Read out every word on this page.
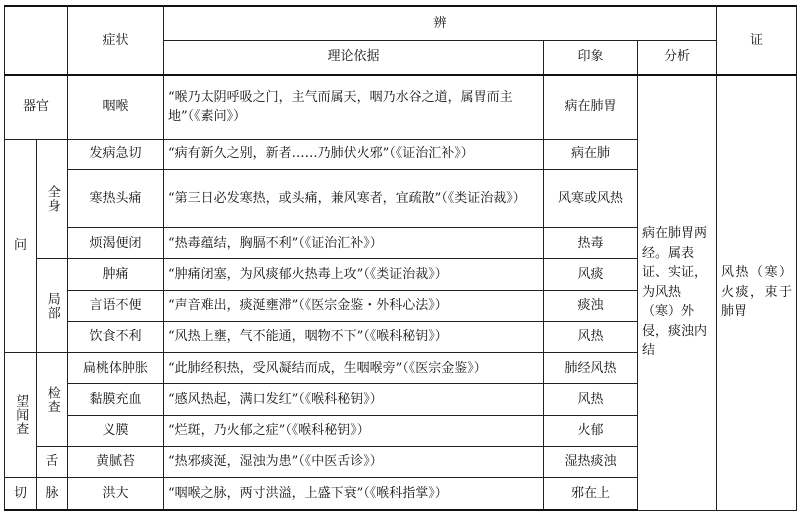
		症状	辨			证
			理论依据	印象	分析	
器官		咽喉	“喉乃太阴呼吸之门，主气而属天，咽乃水谷之道，属胃而主地”（《素问》）	病在肺胃	病在肺胃两经。属表证、实证，为风热（寒）外侵，痰浊内结	风热（寒）火痰，束于肺胃
问	全身	发病急切	“病有新久之别，新者……乃肺伏火邪”（《证治汇补》）	病在肺		
		寒热头痛	“第三日必发寒热，或头痛，兼风寒者，宜疏散”（《类证治裁》）	风寒或风热		
		烦渴便闭	“热毒蕴结，胸膈不利”（《证治汇补》）	热毒		
	局部	肿痛	“肿痛闭塞，为风痰郁火热毒上攻”（《类证治裁》）	风痰		
		言语不便	“声音难出，痰涎壅滞”（《医宗金鉴・外科心法》）	痰浊		
		饮食不利	“风热上壅，气不能通，咽物不下”（《喉科秘钥》）	风热		
望闻查	检查	扁桃体肿胀	“此肺经积热，受风凝结而成，生咽喉旁”（《医宗金鉴》）	肺经风热		
		黏膜充血	“感风热起，满口发红”（《喉科秘钥》）	风热		
		义膜	“烂斑，乃火郁之症”（《喉科秘钥》）	火郁		
	舌	黄腻苔	“热邪痰涎，湿浊为患”（《中医舌诊》）	湿热痰浊		
切	脉	洪大	“咽喉之脉，两寸洪溢，上盛下衰”（《喉科指掌》）	邪在上		
